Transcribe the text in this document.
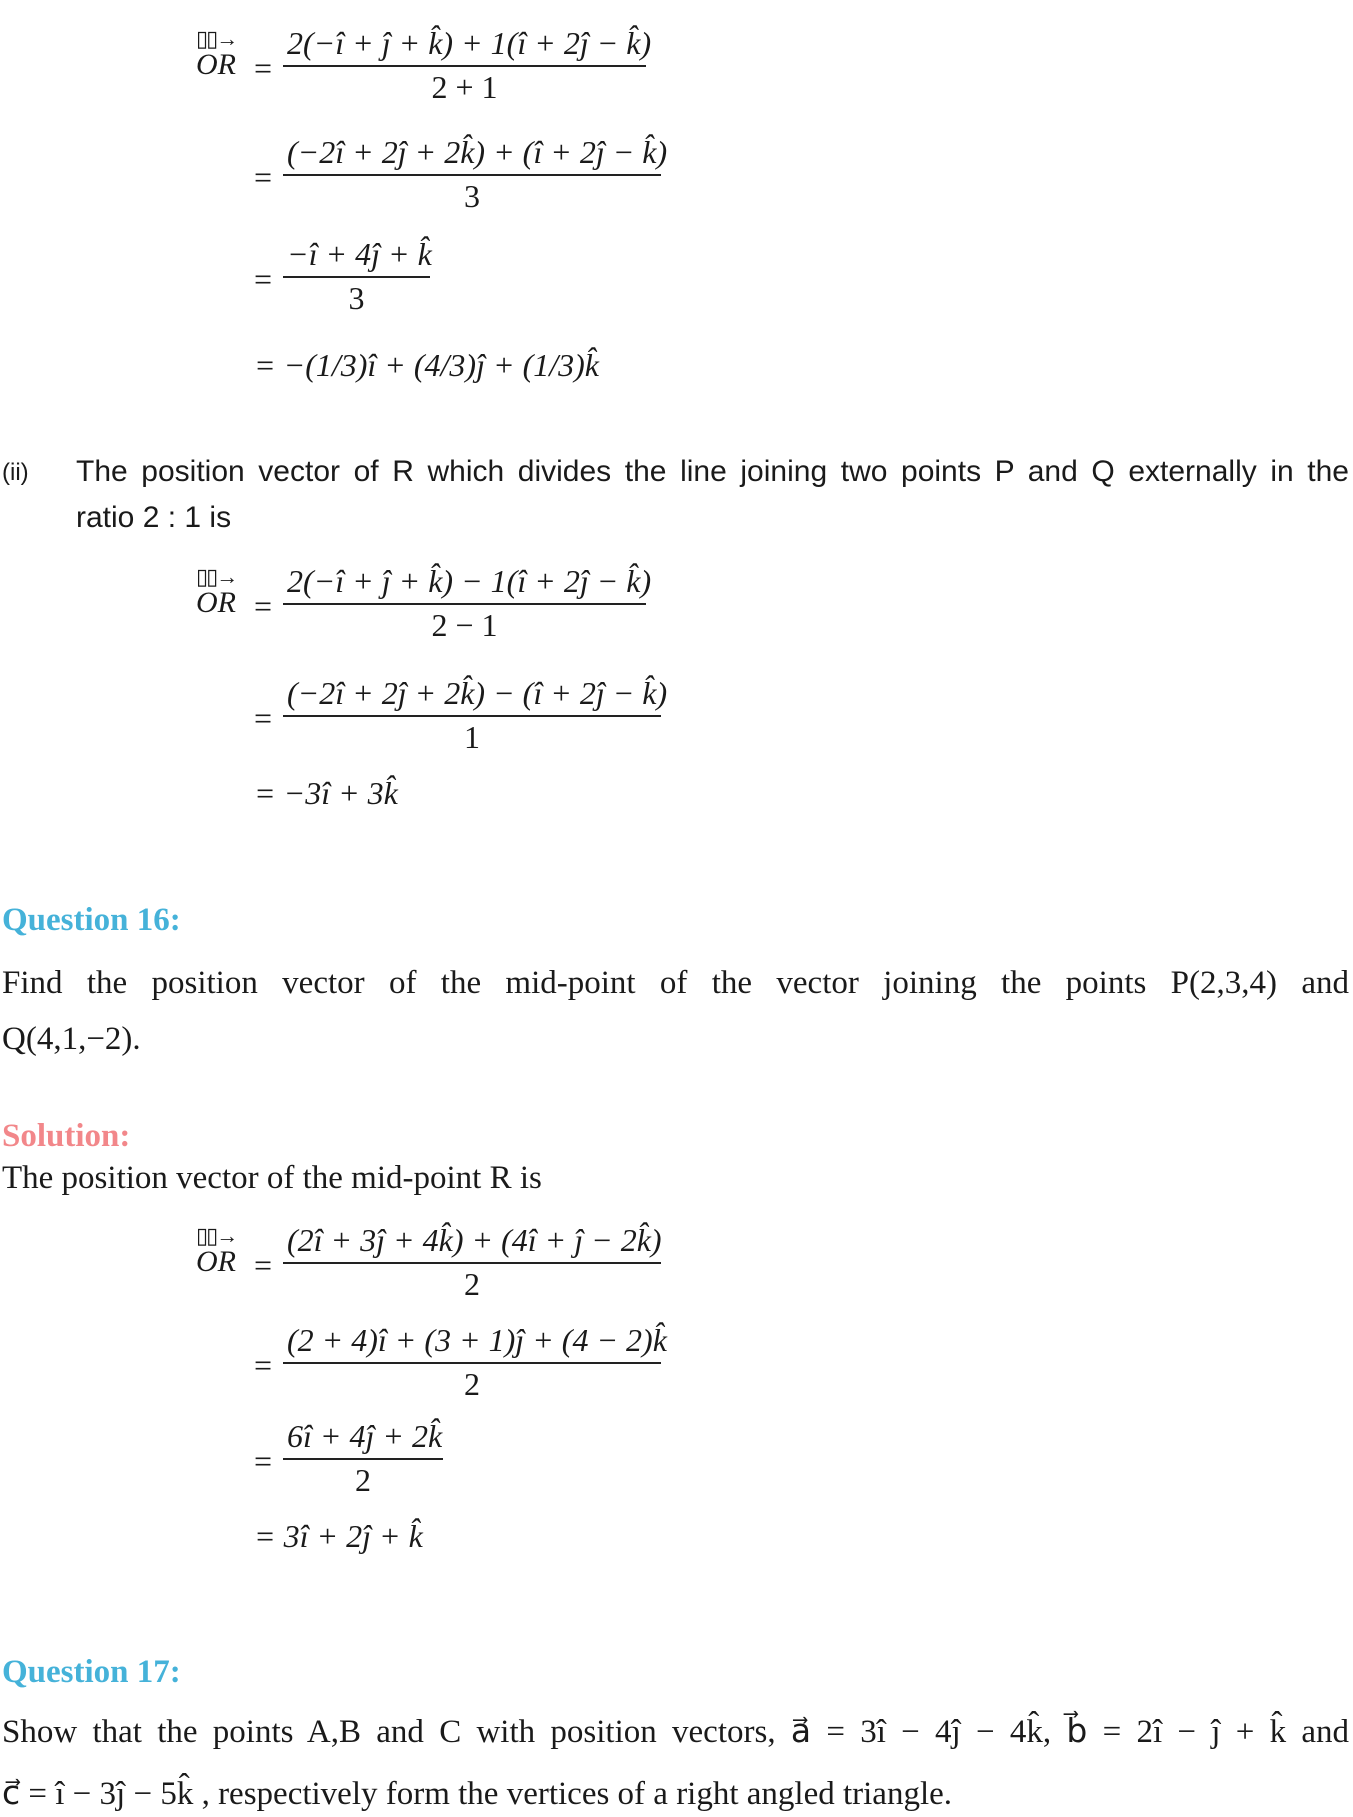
▯▯→
OR = $\frac{2(-î + ĵ + k̂) + 1(î + 2ĵ - k̂)}{2 + 1}$
= $\frac{(-2î + 2ĵ + 2k̂) + (î + 2ĵ - k̂)}{3}$
= $\frac{-î + 4ĵ + k̂}{3}$
= −(1/3)î + (4/3)ĵ + (1/3)k̂
(ii) The position vector of R which divides the line joining two points P and Q externally in the
ratio 2 : 1 is
▯▯→
OR = $\frac{2(-î + ĵ + k̂) - 1(î + 2ĵ - k̂)}{2 - 1}$
= $\frac{(-2î + 2ĵ + 2k̂) - (î + 2ĵ - k̂)}{1}$
= −3î + 3k̂
Question 16:
Find the position vector of the mid-point of the vector joining the points P(2,3,4) and
Q(4,1,−2).
Solution:
The position vector of the mid-point R is
▯▯→
OR = $\frac{(2î + 3ĵ + 4k̂) + (4î + ĵ - 2k̂)}{2}$
= $\frac{(2 + 4)î + (3 + 1)ĵ + (4 - 2)k̂}{2}$
= $\frac{6î + 4ĵ + 2k̂}{2}$
= 3î + 2ĵ + k̂
Question 17:
Show that the points A,B and C with position vectors, a⃗ = 3î − 4ĵ − 4k̂, b⃗ = 2î − ĵ + k̂ and
c⃗ = î − 3ĵ − 5k̂ , respectively form the vertices of a right angled triangle.
